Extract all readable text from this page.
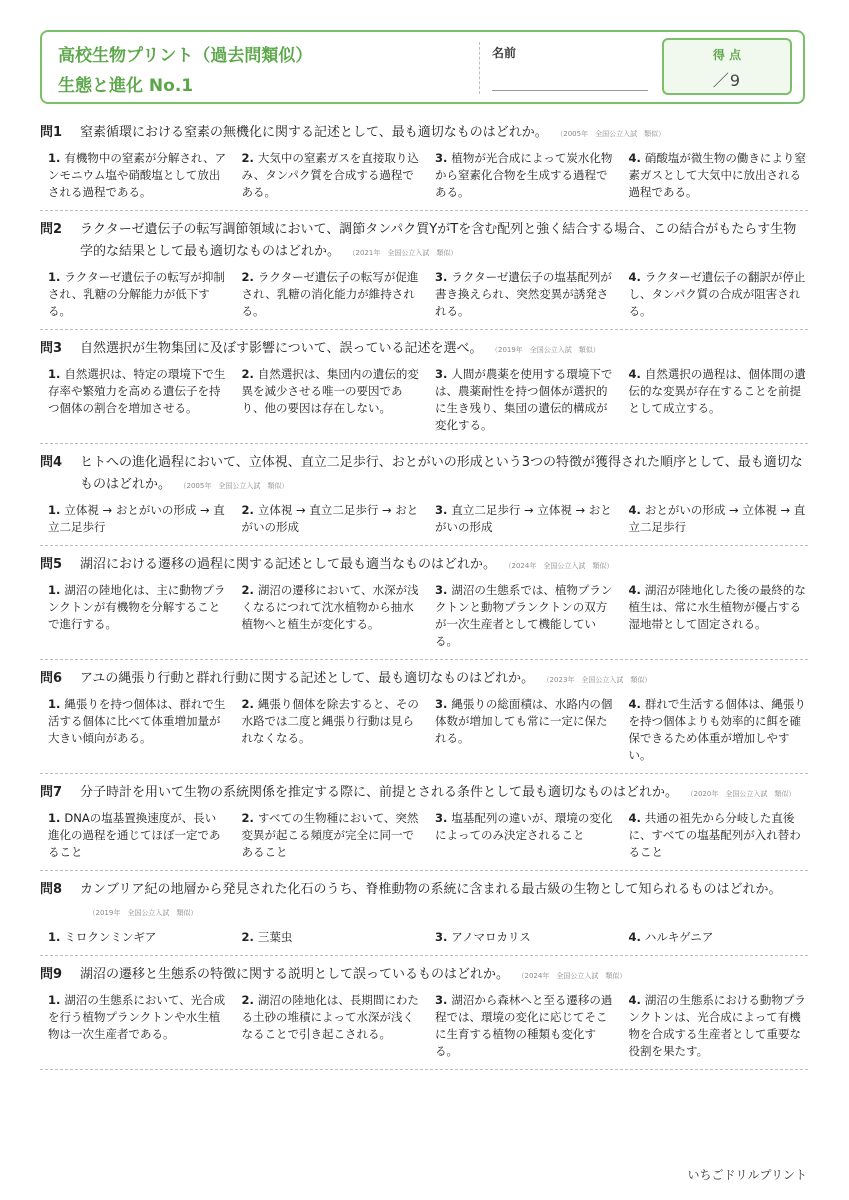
高校生物プリント（過去問類似）
生態と進化 No.1
名前	得 点
／9
問1	窒素循環における窒素の無機化に関する記述として、最も適切なものはどれか。 （2005年　全国公立入試　類似）
1. 有機物中の窒素が分解され、アンモニウム塩や硝酸塩として放出される過程である。
2. 大気中の窒素ガスを直接取り込み、タンパク質を合成する過程である。
3. 植物が光合成によって炭水化物から窒素化合物を生成する過程である。
4. 硝酸塩が微生物の働きにより窒素ガスとして大気中に放出される過程である。
問2	ラクターゼ遺伝子の転写調節領域において、調節タンパク質YがTを含む配列と強く結合する場合、この結合がもたらす生物学的な結果として最も適切なものはどれか。 （2021年　全国公立入試　類似）
1. ラクターゼ遺伝子の転写が抑制され、乳糖の分解能力が低下する。
2. ラクターゼ遺伝子の転写が促進され、乳糖の消化能力が維持される。
3. ラクターゼ遺伝子の塩基配列が書き換えられ、突然変異が誘発される。
4. ラクターゼ遺伝子の翻訳が停止し、タンパク質の合成が阻害される。
問3	自然選択が生物集団に及ぼす影響について、誤っている記述を選べ。 （2019年　全国公立入試　類似）
1. 自然選択は、特定の環境下で生存率や繁殖力を高める遺伝子を持つ個体の割合を増加させる。
2. 自然選択は、集団内の遺伝的変異を減少させる唯一の要因であり、他の要因は存在しない。
3. 人間が農薬を使用する環境下では、農薬耐性を持つ個体が選択的に生き残り、集団の遺伝的構成が変化する。
4. 自然選択の過程は、個体間の遺伝的な変異が存在することを前提として成立する。
問4	ヒトへの進化過程において、立体視、直立二足歩行、おとがいの形成という3つの特徴が獲得された順序として、最も適切なものはどれか。 （2005年　全国公立入試　類似）
1. 立体視 → おとがいの形成 → 直立二足歩行
2. 立体視 → 直立二足歩行 → おとがいの形成
3. 直立二足歩行 → 立体視 → おとがいの形成
4. おとがいの形成 → 立体視 → 直立二足歩行
問5	湖沼における遷移の過程に関する記述として最も適当なものはどれか。 （2024年　全国公立入試　類似）
1. 湖沼の陸地化は、主に動物プランクトンが有機物を分解することで進行する。
2. 湖沼の遷移において、水深が浅くなるにつれて沈水植物から抽水植物へと植生が変化する。
3. 湖沼の生態系では、植物プランクトンと動物プランクトンの双方が一次生産者として機能している。
4. 湖沼が陸地化した後の最終的な植生は、常に水生植物が優占する湿地帯として固定される。
問6	アユの縄張り行動と群れ行動に関する記述として、最も適切なものはどれか。 （2023年　全国公立入試　類似）
1. 縄張りを持つ個体は、群れで生活する個体に比べて体重増加量が大きい傾向がある。
2. 縄張り個体を除去すると、その水路では二度と縄張り行動は見られなくなる。
3. 縄張りの総面積は、水路内の個体数が増加しても常に一定に保たれる。
4. 群れで生活する個体は、縄張りを持つ個体よりも効率的に餌を確保できるため体重が増加しやすい。
問7	分子時計を用いて生物の系統関係を推定する際に、前提とされる条件として最も適切なものはどれか。 （2020年　全国公立入試　類似）
1. DNAの塩基置換速度が、長い進化の過程を通じてほぼ一定であること
2. すべての生物種において、突然変異が起こる頻度が完全に同一であること
3. 塩基配列の違いが、環境の変化によってのみ決定されること
4. 共通の祖先から分岐した直後に、すべての塩基配列が入れ替わること
問8	カンブリア紀の地層から発見された化石のうち、脊椎動物の系統に含まれる最古級の生物として知られるものはどれか。（2019年　全国公立入試　類似）
1. ミロクンミンギア	2. 三葉虫	3. アノマロカリス	4. ハルキゲニア
問9	湖沼の遷移と生態系の特徴に関する説明として誤っているものはどれか。 （2024年　全国公立入試　類似）
1. 湖沼の生態系において、光合成を行う植物プランクトンや水生植物は一次生産者である。
2. 湖沼の陸地化は、長期間にわたる土砂の堆積によって水深が浅くなることで引き起こされる。
3. 湖沼から森林へと至る遷移の過程では、環境の変化に応じてそこに生育する植物の種類も変化する。
4. 湖沼の生態系における動物プランクトンは、光合成によって有機物を合成する生産者として重要な役割を果たす。
いちごドリルプリント
